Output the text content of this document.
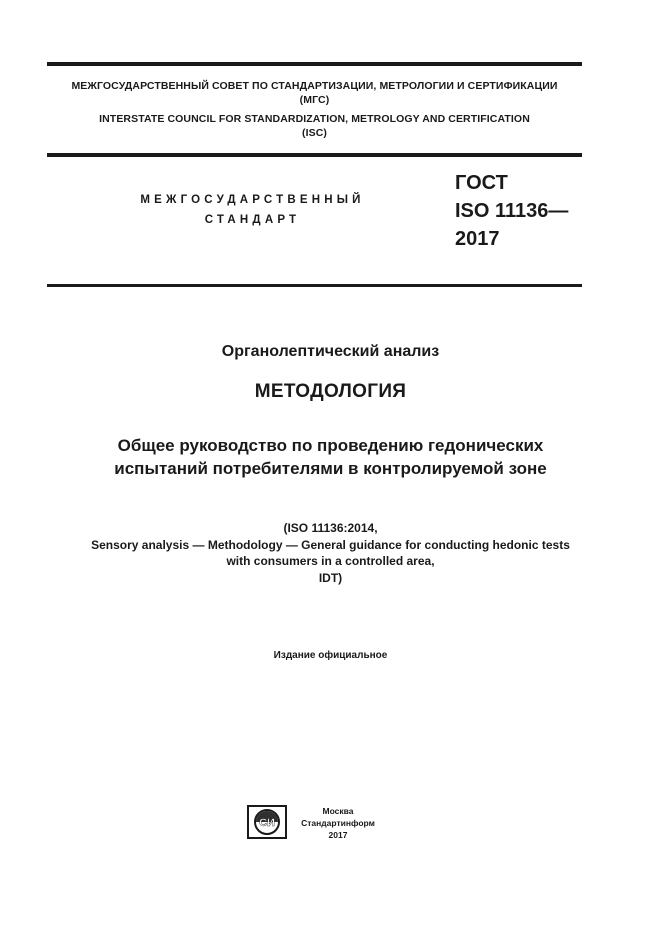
МЕЖГОСУДАРСТВЕННЫЙ СОВЕТ ПО СТАНДАРТИЗАЦИИ, МЕТРОЛОГИИ И СЕРТИФИКАЦИИ
(МГС)
INTERSTATE COUNCIL FOR STANDARDIZATION, METROLOGY AND CERTIFICATION
(ISC)
МЕЖГОСУДАРСТВЕННЫЙ
СТАНДАРТ
ГОСТ
ISO 11136—
2017
Органолептический анализ
МЕТОДОЛОГИЯ
Общее руководство по проведению гедонических
испытаний потребителями в контролируемой зоне
(ISO 11136:2014,
Sensory analysis — Methodology — General guidance for conducting hedonic tests
with consumers in a controlled area,
IDT)
Издание официальное
СИ
Москва
Стандартинформ
2017
